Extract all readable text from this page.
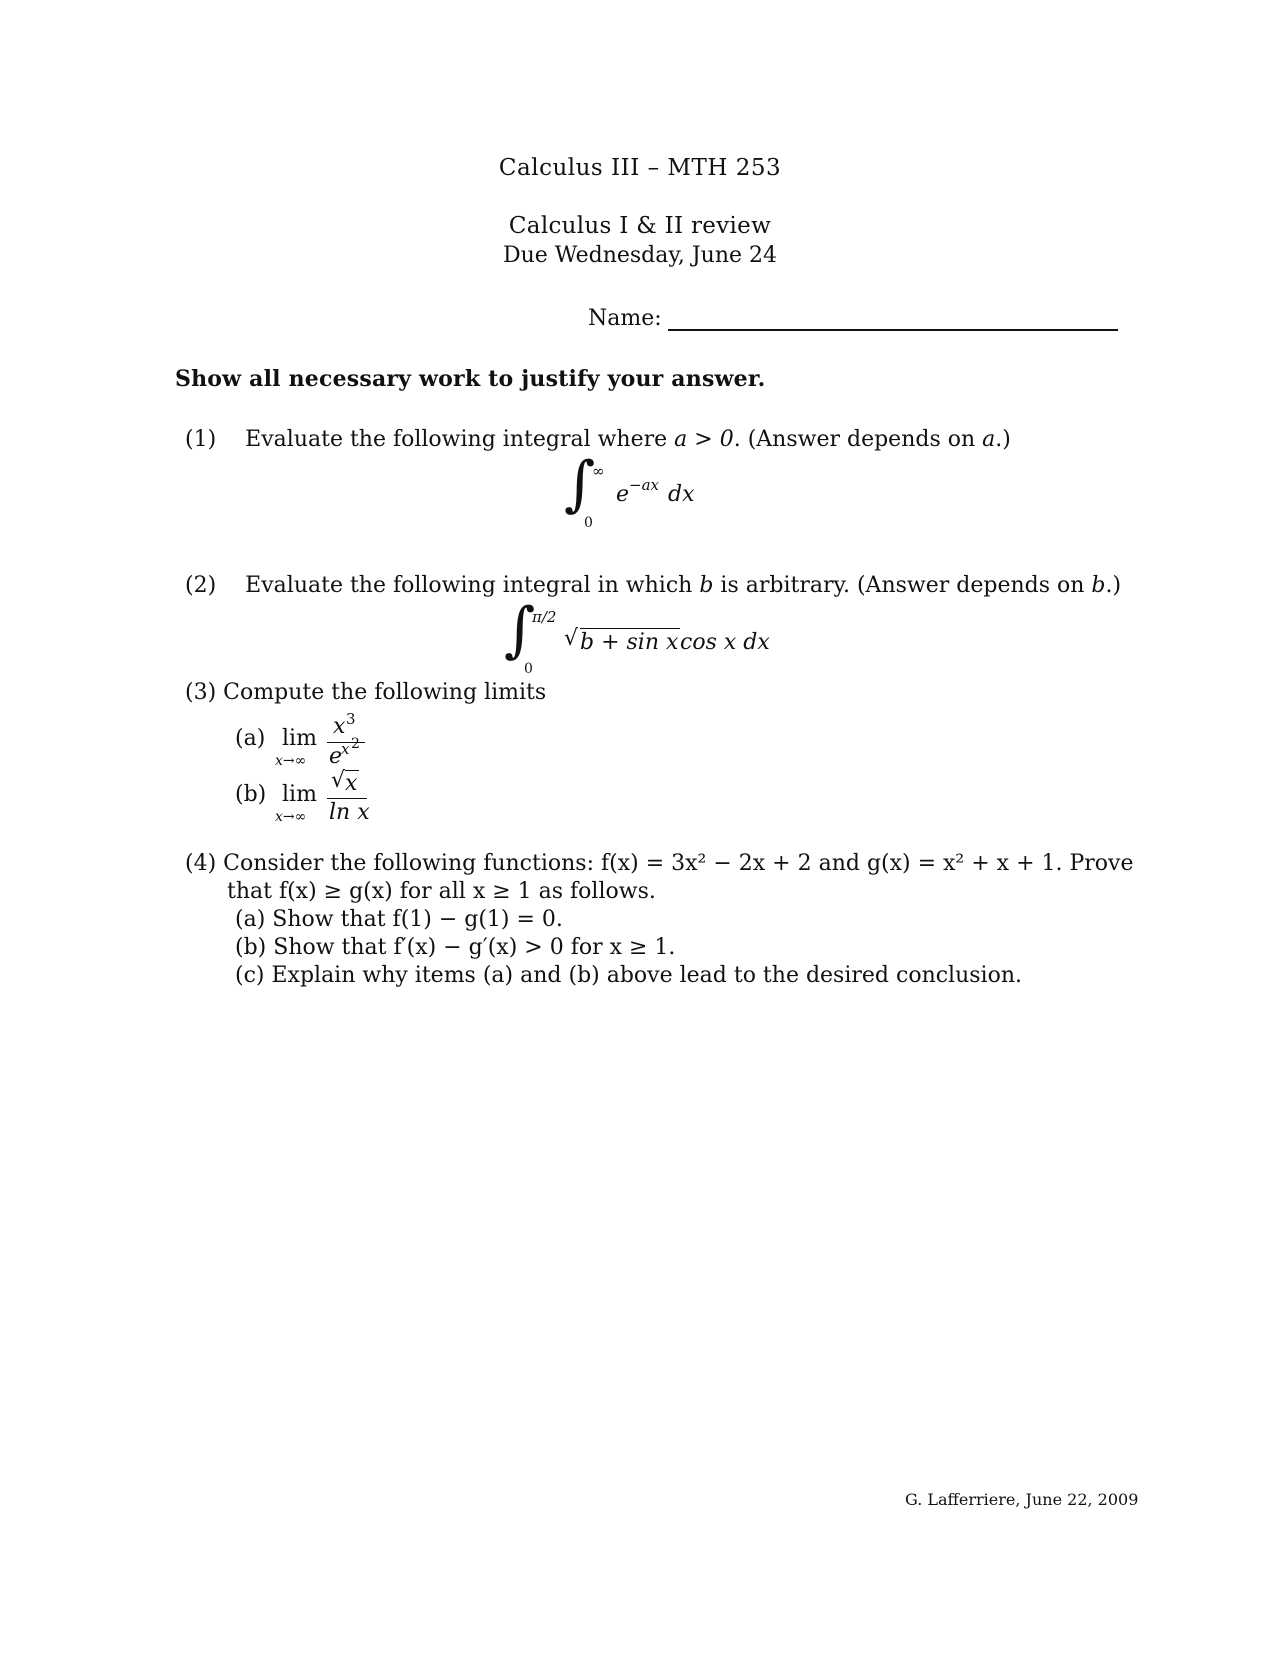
Calculus III – MTH 253
Calculus I & II review
Due Wednesday, June 24
Name:
Show all necessary work to justify your answer.
(1) Evaluate the following integral where a > 0. (Answer depends on a.)
∫
∞
0
e −ax dx
(2) Evaluate the following integral in which b is arbitrary. (Answer depends on b.)
∫
π/2
0
√ b + sin x cos x dx
(3) Compute the following limits
(a) lim
x→∞
x 3
e
x 2
(b) lim
x→∞
√ x
ln x
(4) Consider the following functions: f(x) = 3x² − 2x + 2 and g(x) = x² + x + 1. Prove
that f(x) ≥ g(x) for all x ≥ 1 as follows.
(a) Show that f(1) − g(1) = 0.
(b) Show that f′(x) − g′(x) > 0 for x ≥ 1.
(c) Explain why items (a) and (b) above lead to the desired conclusion.
G. Lafferriere, June 22, 2009
